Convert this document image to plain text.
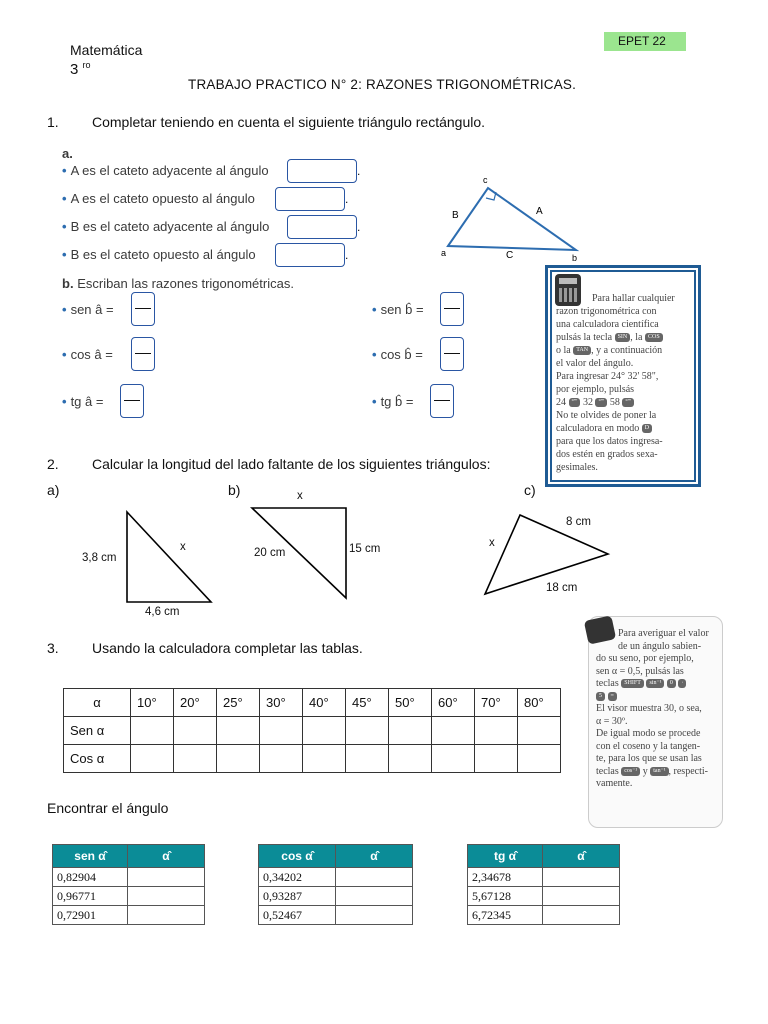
Matemática
3 $^{ro}$
EPET 22
TRABAJO PRACTICO N° 2: RAZONES TRIGONOMÉTRICAS.
1. Completar teniendo en cuenta el siguiente triángulo rectángulo.
a.
• A es el cateto adyacente al ángulo
• A es el cateto opuesto al ángulo
• B es el cateto adyacente al ángulo
• B es el cateto opuesto al ángulo
.
.
.
.
c
a	b
B	A
C
b. Escriban las razones trigonométricas.
• sen â =
• cos â =
• tg â =
• sen b̂ =
• cos b̂ =
• tg b̂ =
Para hallar cualquier
razon trigonométrica con
una calculadora científica
pulsás la tecla SIN , la COS
o la TAN , y a continuación
el valor del ángulo.
Para ingresar 24° 32' 58",
por ejemplo, pulsás
24 °'" 32 °'" 58 °'"
No te olvides de poner la
calculadora en modo D
para que los datos ingresa-
dos estén en grados sexa-
gesimales.
2. Calcular la longitud del lado faltante de los siguientes triángulos:
a)	b)	c)
3,8 cm
4,6 cm
x
x
20 cm	15 cm
8 cm
18 cm
x
3. Usando la calculadora completar las tablas.
α	10°	20°	25°	30°	40°	45°	50°	60°	70°	80°
Sen α										
Cos α										
Para averiguar el valor
de un ángulo sabien-
do su seno, por ejemplo,
sen α = 0,5, pulsás las
teclas SHIFT sin⁻¹ 0 ·
5 =
El visor muestra 30, o sea,
α = 30º.
De igual modo se procede
con el coseno y la tangen-
te, para los que se usan las
teclas cos⁻¹ y tan⁻¹ , respecti-
vamente.
Encontrar el ángulo
sen α̂	α̂
0,82904	
0,96771	
0,72901	
cos α̂	α̂
0,34202	
0,93287	
0,52467	
tg α̂	α̂
2,34678	
5,67128	
6,72345	
